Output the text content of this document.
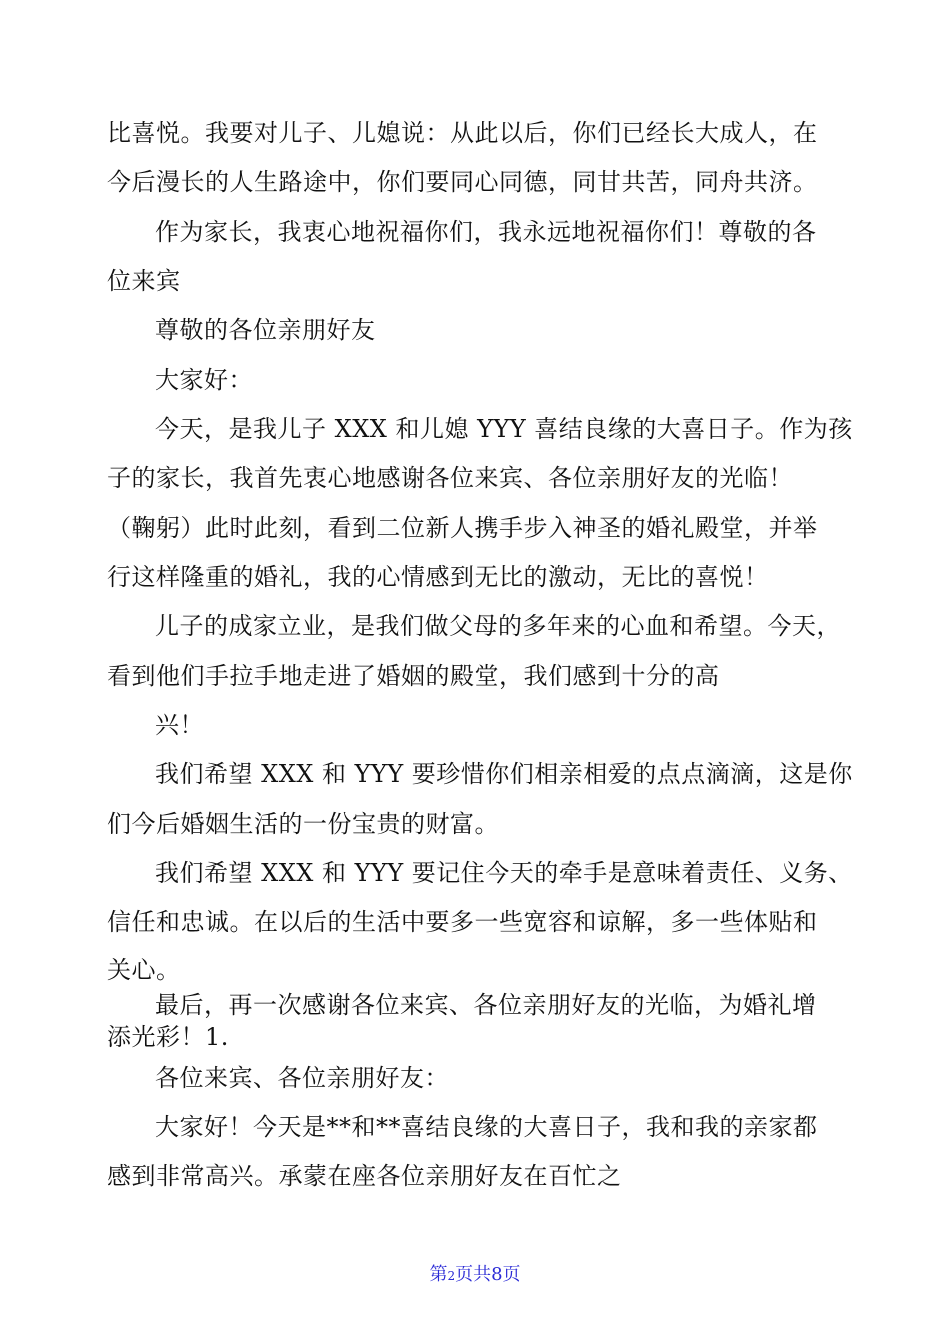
比喜悦。我要对儿子、儿媳说：从此以后，你们已经长大成人，在
今后漫长的人生路途中，你们要同心同德，同甘共苦，同舟共济。
作为家长，我衷心地祝福你们，我永远地祝福你们！尊敬的各
位来宾
尊敬的各位亲朋好友
大家好：
今天，是我儿子 XXX 和儿媳 YYY 喜结良缘的大喜日子。作为孩
子的家长，我首先衷心地感谢各位来宾、各位亲朋好友的光临！
（鞠躬）此时此刻，看到二位新人携手步入神圣的婚礼殿堂，并举
行这样隆重的婚礼，我的心情感到无比的激动，无比的喜悦！
儿子的成家立业，是我们做父母的多年来的心血和希望。今天，
看到他们手拉手地走进了婚姻的殿堂，我们感到十分的高
兴！
我们希望 XXX 和 YYY 要珍惜你们相亲相爱的点点滴滴，这是你
们今后婚姻生活的一份宝贵的财富。
我们希望 XXX 和 YYY 要记住今天的牵手是意味着责任、义务、
信任和忠诚。在以后的生活中要多一些宽容和谅解，多一些体贴和
关心。
最后，再一次感谢各位来宾、各位亲朋好友的光临，为婚礼增
添光彩！1.
各位来宾、各位亲朋好友：
大家好！今天是**和**喜结良缘的大喜日子，我和我的亲家都
感到非常高兴。承蒙在座各位亲朋好友在百忙之
第2页共8页
